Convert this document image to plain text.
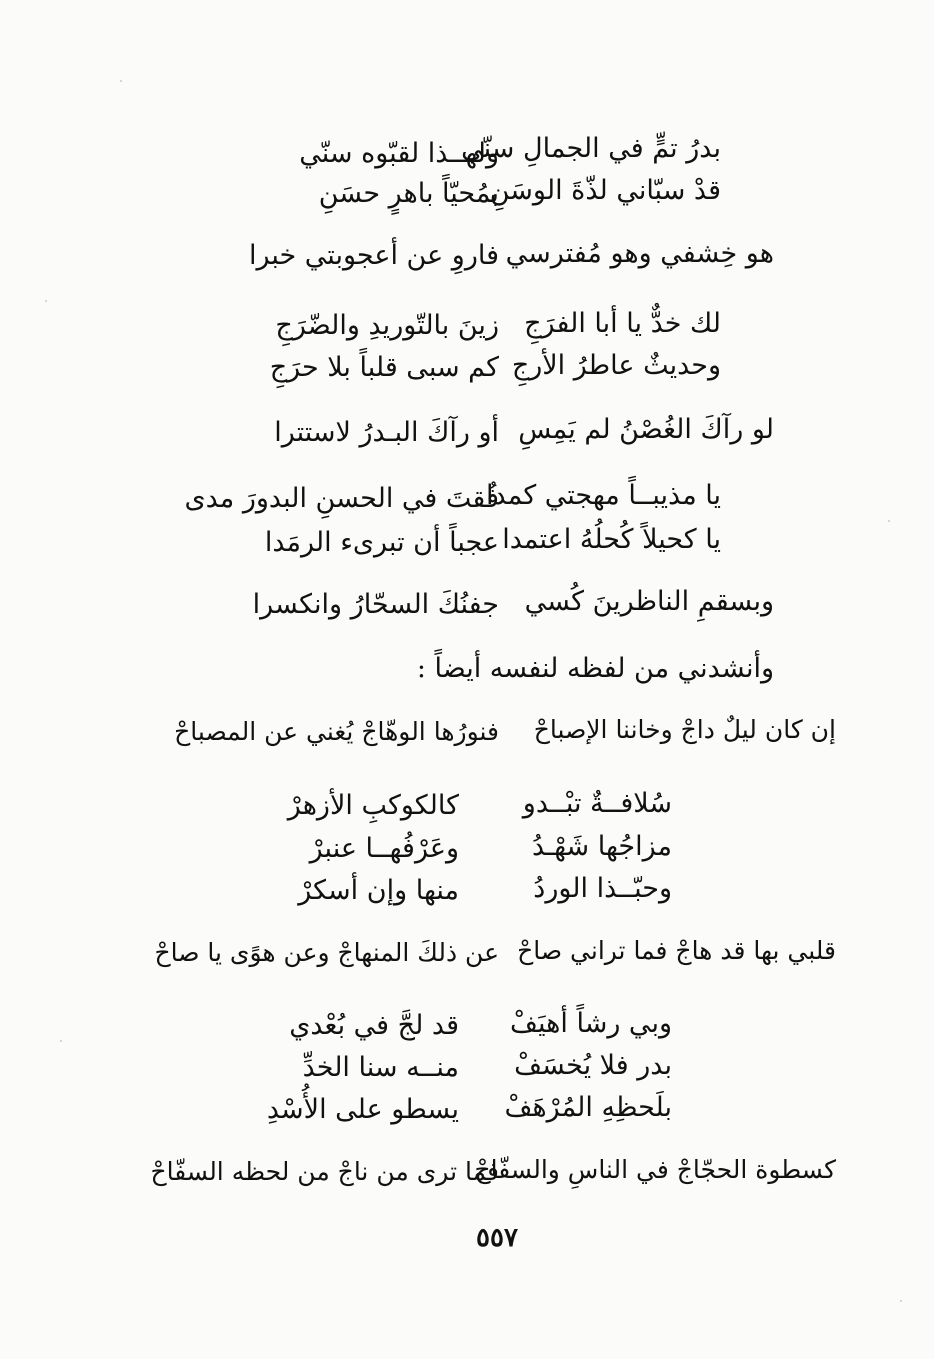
بدرُ تمٍّ في الجمالِ سنّي
ولهــذا لقبّوه سنّي
قدْ سبّاني لذّةَ الوسَنِ
بمُحيّاً باهرٍ حسَنِ
هو خِشفي وهو مُفترسي
فاروِ عن أعجوبتي خبرا
لك خدٌّ يا أبا الفرَجِ
زينَ بالتّوريدِ والضّرَجِ
وحديثٌ عاطرُ الأرجِ
كم سبى قلباً بلا حرَجِ
لو رآكَ الغُصْنُ لم يَمِسِ
أو رآكَ البـدرُ لاستترا
يا مذيبــاً مهجتي كمدا
فُقتَ في الحسنِ البدورَ مدى
يا كحيلاً كُحلُهُ اعتمدا
عجباً أن تبرىء الرمَدا
وبسقمِ الناظرينَ كُسي
جفنُكَ السحّارُ وانكسرا
وأنشدني من لفظه لنفسه أيضاً :
إن كان ليلٌ داجْ وخاننا الإصباحْ
فنورُها الوهّاجْ يُغني عن المصباحْ
سُلافــةٌ تبْــدو
كالكوكبِ الأزهرْ
مزاجُها شَهْـدُ
وعَرْفُهــا عنبرْ
وحبّــذا الوردُ
منها وإن أسكرْ
قلبي بها قد هاجْ فما تراني صاحْ
عن ذلكَ المنهاجْ وعن هوًى يا صاحْ
وبي رشاً أهيَفْ
قد لجَّ في بُعْدي
بدر فلا يُخسَفْ
منــه سنا الخدِّ
بلَحظِهِ المُرْهَفْ
يسطو على الأُسْدِ
كسطوة الحجّاجْ في الناسِ والسفّاحْ
فما ترى من ناجْ من لحظه السفّاحْ
٥٥٧
